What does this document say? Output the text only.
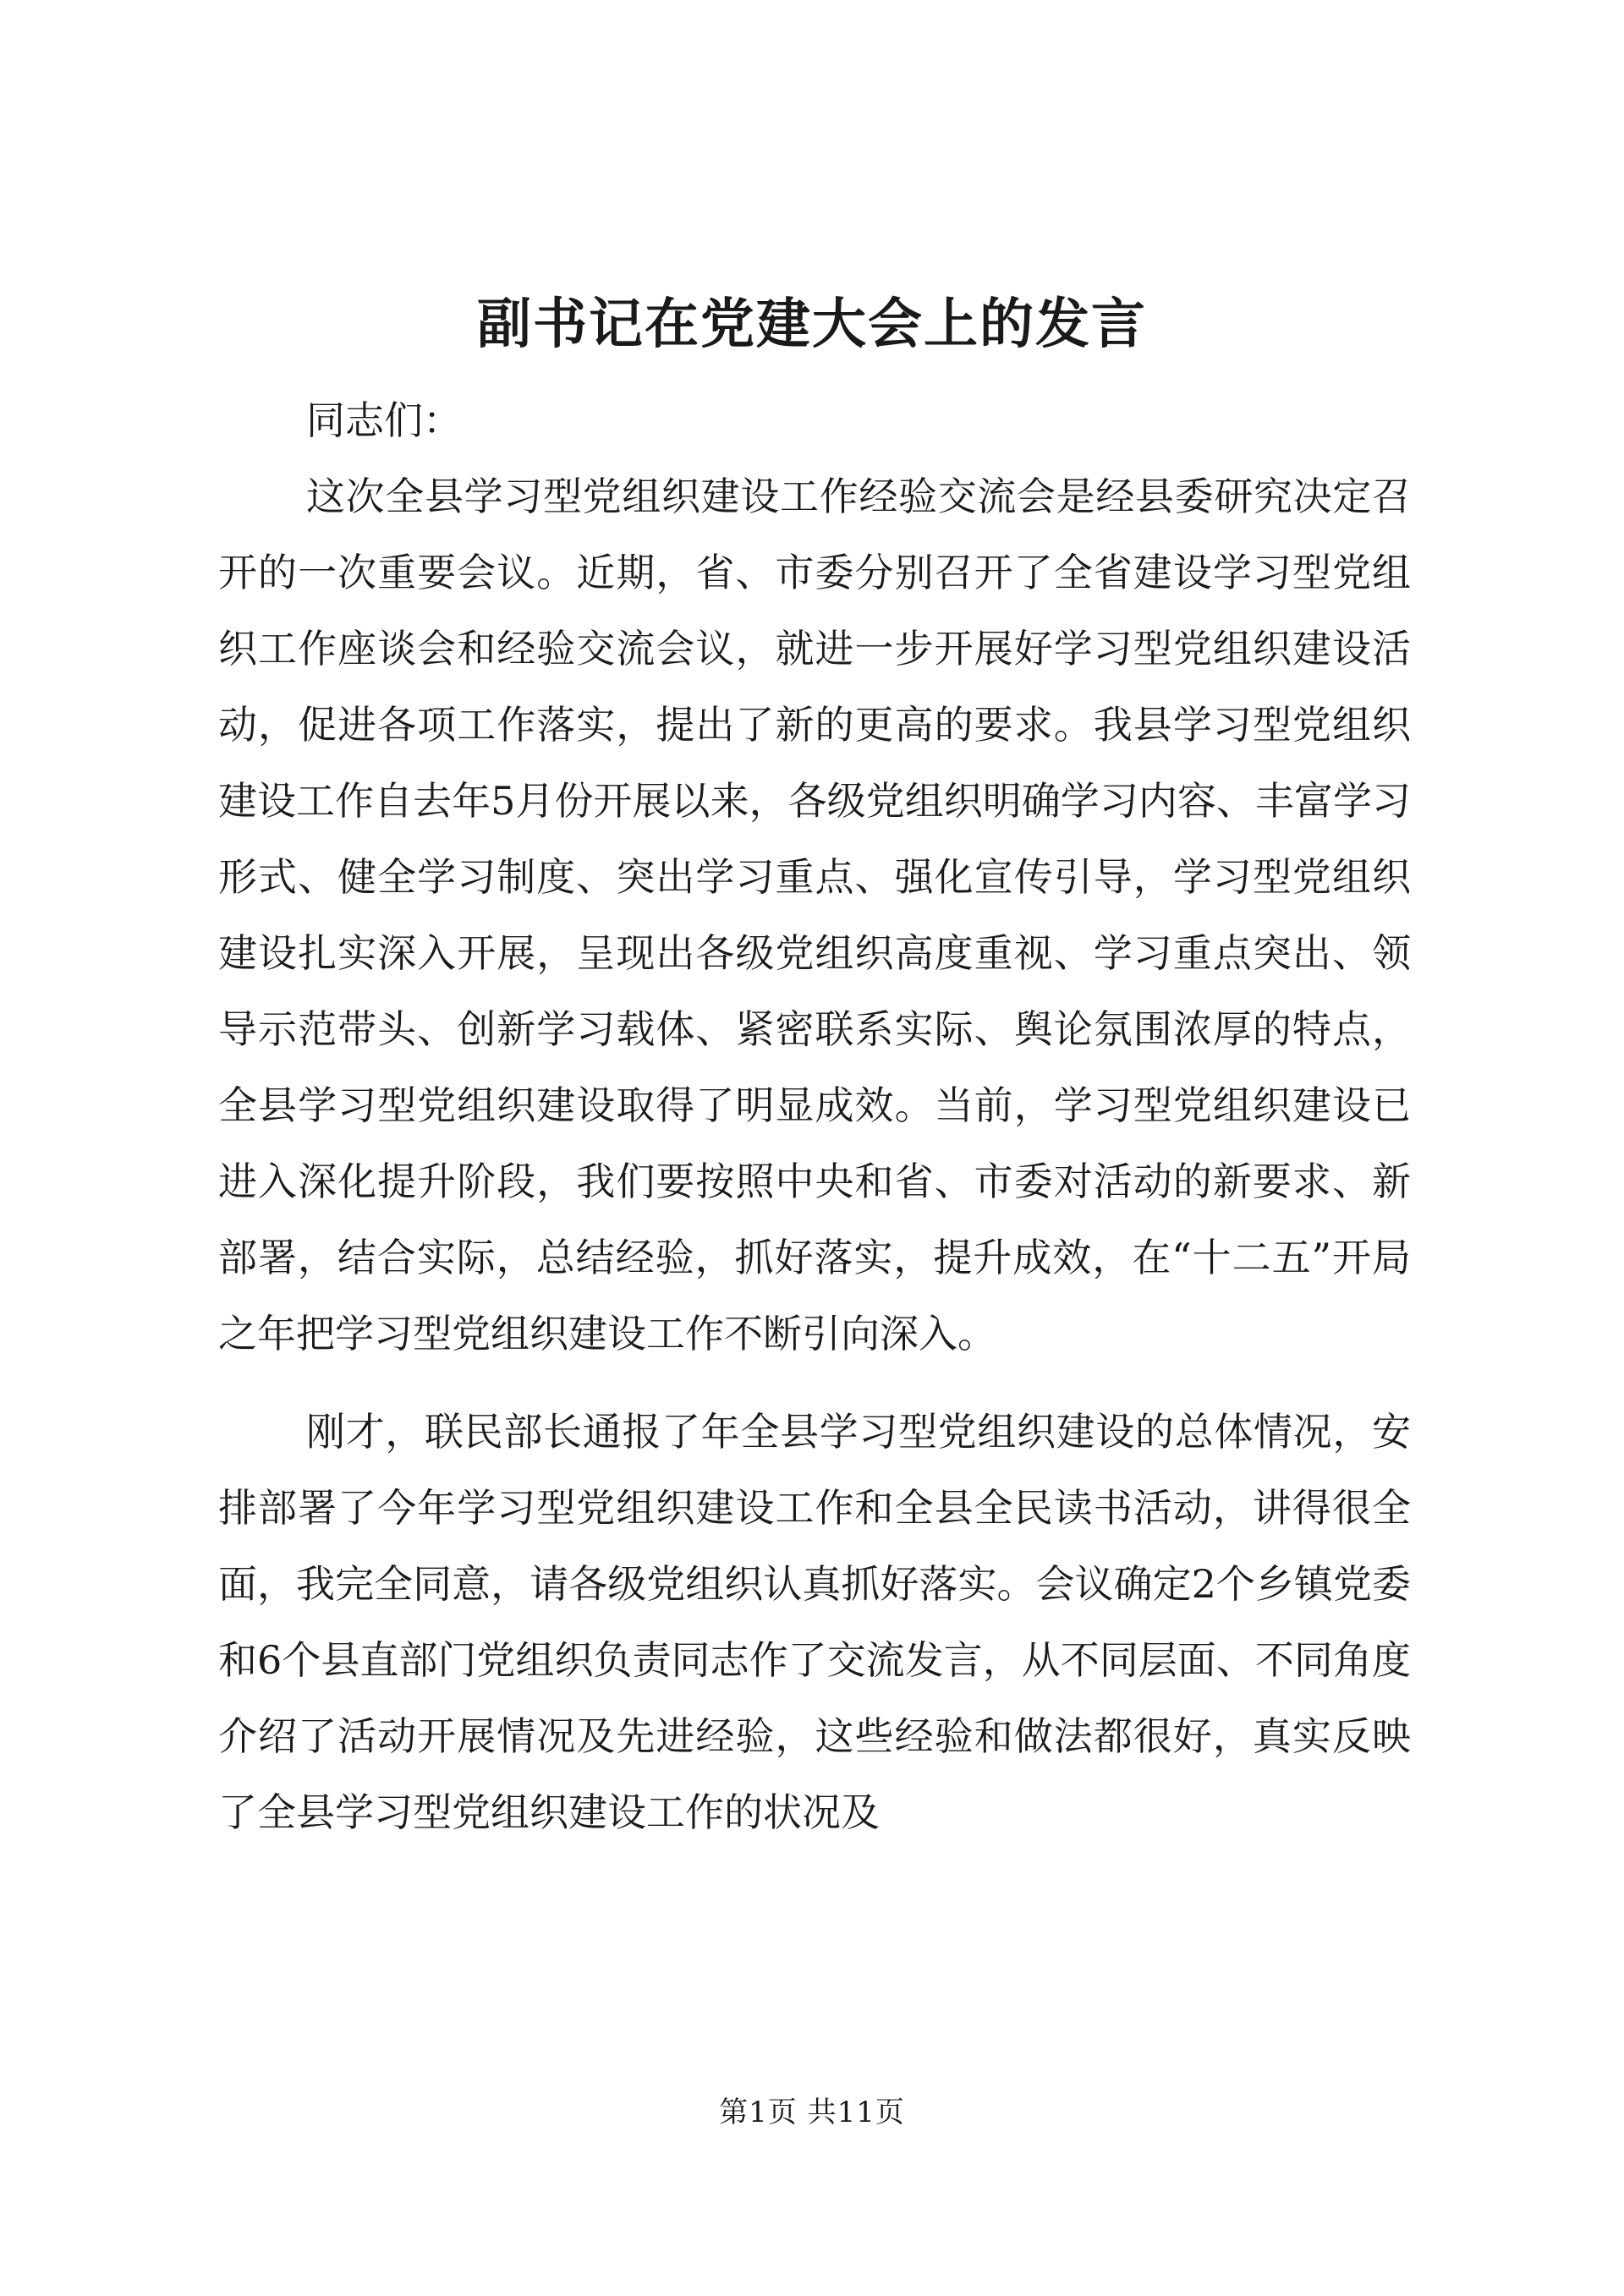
副书记在党建大会上的发言

同志们：

这次全县学习型党组织建设工作经验交流会是经县委研究决定召开的一次重要会议。近期，省、市委分别召开了全省建设学习型党组织工作座谈会和经验交流会议，就进一步开展好学习型党组织建设活动，促进各项工作落实，提出了新的更高的要求。我县学习型党组织建设工作自去年5月份开展以来，各级党组织明确学习内容、丰富学习形式、健全学习制度、突出学习重点、强化宣传引导，学习型党组织建设扎实深入开展，呈现出各级党组织高度重视、学习重点突出、领导示范带头、创新学习载体、紧密联系实际、舆论氛围浓厚的特点，全县学习型党组织建设取得了明显成效。当前，学习型党组织建设已进入深化提升阶段，我们要按照中央和省、市委对活动的新要求、新部署，结合实际，总结经验，抓好落实，提升成效，在“十二五”开局之年把学习型党组织建设工作不断引向深入。

刚才，联民部长通报了年全县学习型党组织建设的总体情况，安排部署了今年学习型党组织建设工作和全县全民读书活动，讲得很全面，我完全同意，请各级党组织认真抓好落实。会议确定2个乡镇党委和6个县直部门党组织负责同志作了交流发言，从不同层面、不同角度介绍了活动开展情况及先进经验，这些经验和做法都很好，真实反映了全县学习型党组织建设工作的状况及

第1页 共11页
